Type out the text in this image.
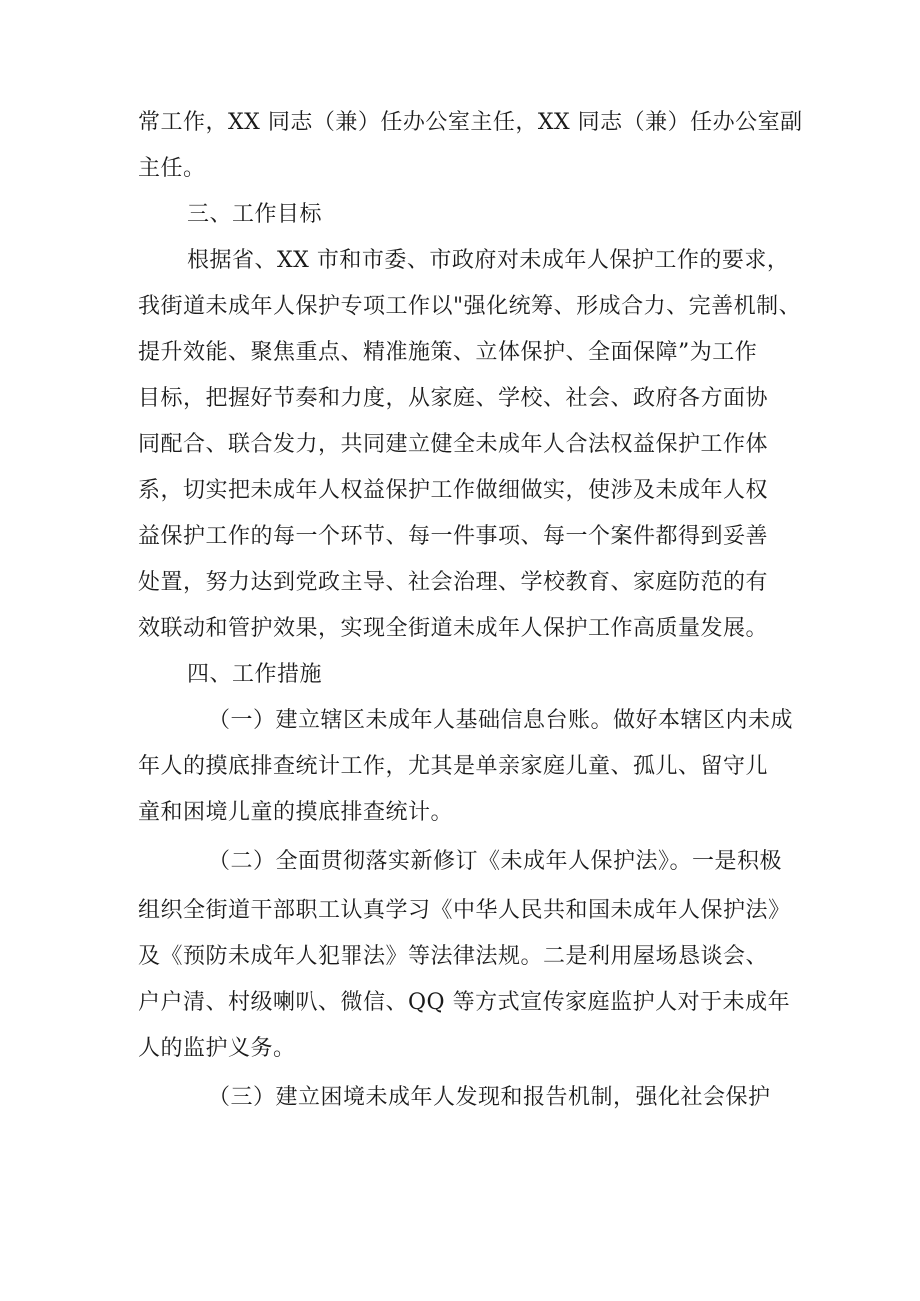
常工作，XX 同志（兼）任办公室主任，XX 同志（兼）任办公室副
主任。
三、工作目标
根据省、XX 市和市委、市政府对未成年人保护工作的要求，
我街道未成年人保护专项工作以"强化统筹、形成合力、完善机制、
提升效能、聚焦重点、精准施策、立体保护、全面保障”为工作
目标，把握好节奏和力度，从家庭、学校、社会、政府各方面协
同配合、联合发力，共同建立健全未成年人合法权益保护工作体
系，切实把未成年人权益保护工作做细做实，使涉及未成年人权
益保护工作的每一个环节、每一件事项、每一个案件都得到妥善
处置，努力达到党政主导、社会治理、学校教育、家庭防范的有
效联动和管护效果，实现全街道未成年人保护工作高质量发展。
四、工作措施
（一）建立辖区未成年人基础信息台账。做好本辖区内未成
年人的摸底排查统计工作，尤其是单亲家庭儿童、孤儿、留守儿
童和困境儿童的摸底排查统计。
（二）全面贯彻落实新修订《未成年人保护法》。一是积极
组织全街道干部职工认真学习《中华人民共和国未成年人保护法》
及《预防未成年人犯罪法》等法律法规。二是利用屋场恳谈会、
户户清、村级喇叭、微信、QQ 等方式宣传家庭监护人对于未成年
人的监护义务。
（三）建立困境未成年人发现和报告机制，强化社会保护
